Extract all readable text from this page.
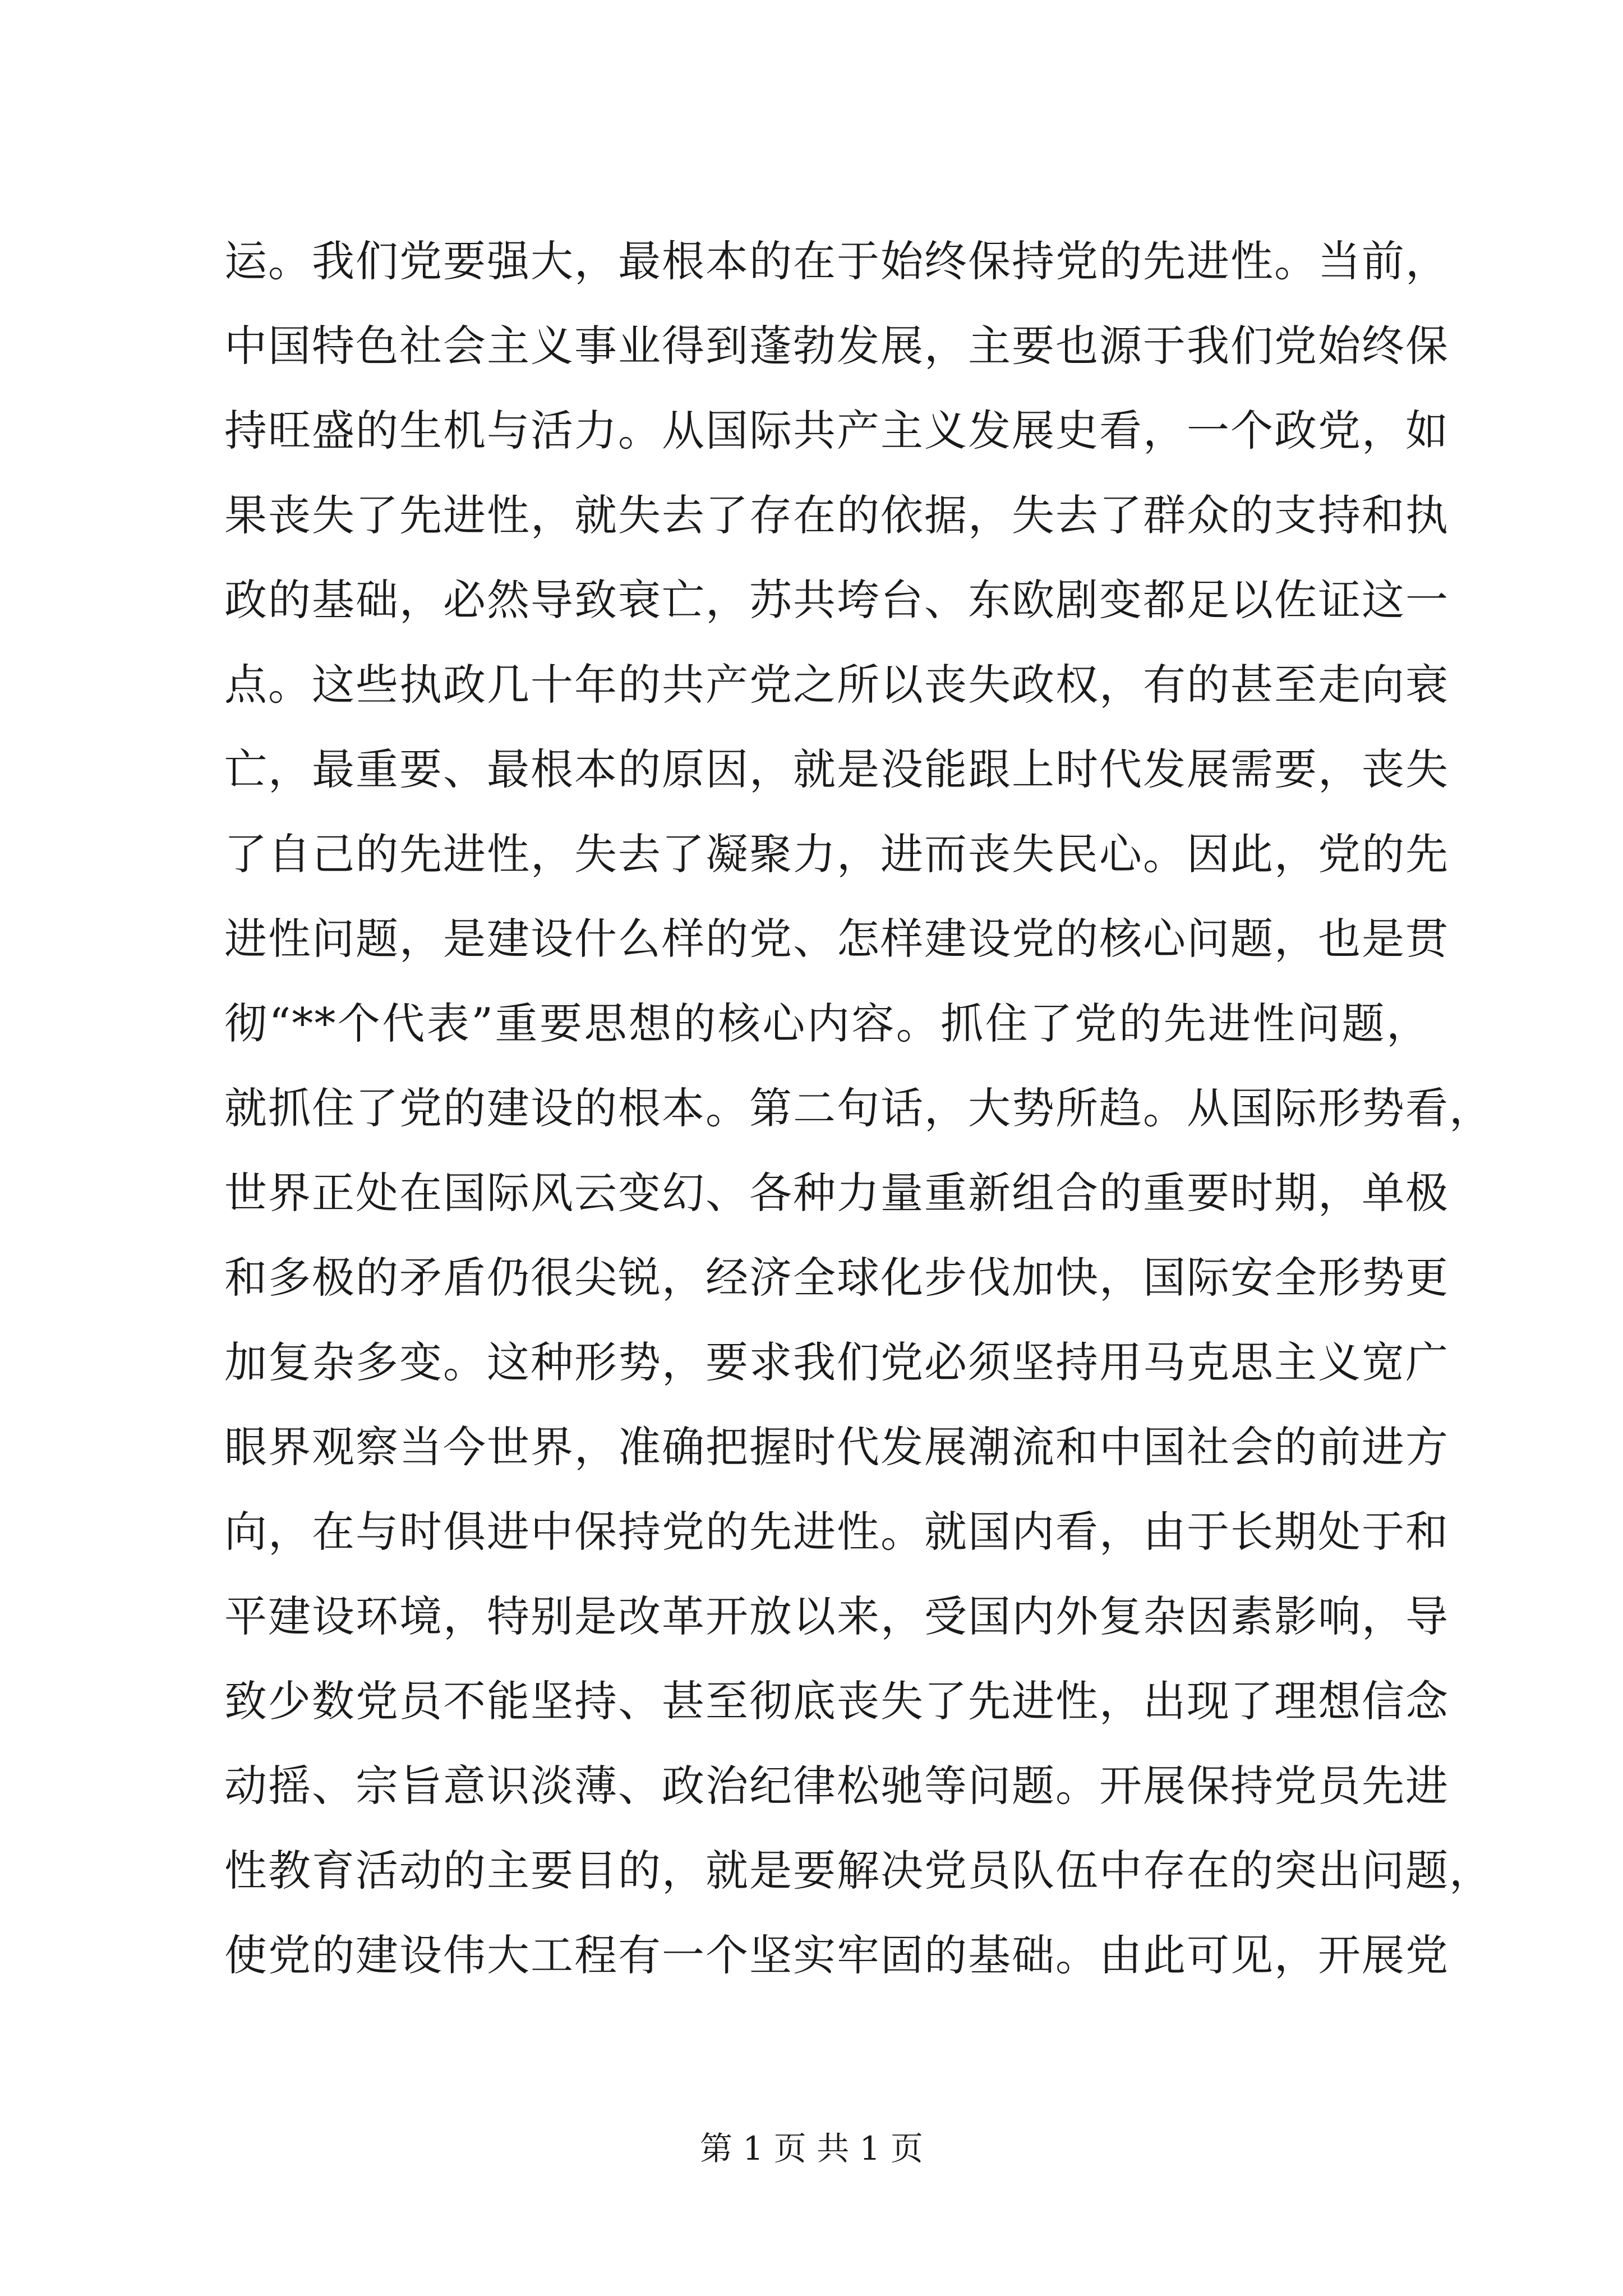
运。我们党要强大，最根本的在于始终保持党的先进性。当前，
中国特色社会主义事业得到蓬勃发展，主要也源于我们党始终保
持旺盛的生机与活力。从国际共产主义发展史看，一个政党，如
果丧失了先进性，就失去了存在的依据，失去了群众的支持和执
政的基础，必然导致衰亡，苏共垮台、东欧剧变都足以佐证这一
点。这些执政几十年的共产党之所以丧失政权，有的甚至走向衰
亡，最重要、最根本的原因，就是没能跟上时代发展需要，丧失
了自己的先进性，失去了凝聚力，进而丧失民心。因此，党的先
进性问题，是建设什么样的党、怎样建设党的核心问题，也是贯
彻“**个代表”重要思想的核心内容。抓住了党的先进性问题，
就抓住了党的建设的根本。第二句话，大势所趋。从国际形势看，
世界正处在国际风云变幻、各种力量重新组合的重要时期，单极
和多极的矛盾仍很尖锐，经济全球化步伐加快，国际安全形势更
加复杂多变。这种形势，要求我们党必须坚持用马克思主义宽广
眼界观察当今世界，准确把握时代发展潮流和中国社会的前进方
向，在与时俱进中保持党的先进性。就国内看，由于长期处于和
平建设环境，特别是改革开放以来，受国内外复杂因素影响，导
致少数党员不能坚持、甚至彻底丧失了先进性，出现了理想信念
动摇、宗旨意识淡薄、政治纪律松驰等问题。开展保持党员先进
性教育活动的主要目的，就是要解决党员队伍中存在的突出问题，
使党的建设伟大工程有一个坚实牢固的基础。由此可见，开展党
第 1 页 共 1 页
